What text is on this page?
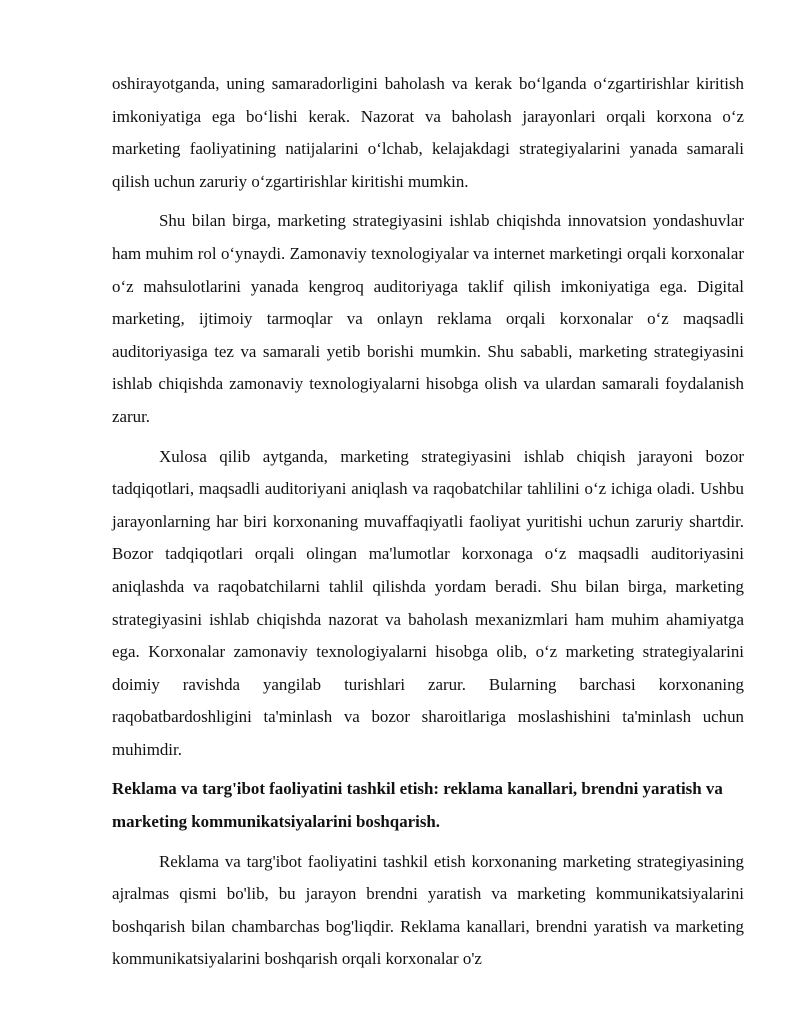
oshirayotganda, uning samaradorligini baholash va kerak bo‘lganda o‘zgartirishlar kiritish imkoniyatiga ega bo‘lishi kerak. Nazorat va baholash jarayonlari orqali korxona o‘z marketing faoliyatining natijalarini o‘lchab, kelajakdagi strategiyalarini yanada samarali qilish uchun zaruriy o‘zgartirishlar kiritishi mumkin.

Shu bilan birga, marketing strategiyasini ishlab chiqishda innovatsion yondashuvlar ham muhim rol o‘ynaydi. Zamonaviy texnologiyalar va internet marketingi orqali korxonalar o‘z mahsulotlarini yanada kengroq auditoriyaga taklif qilish imkoniyatiga ega. Digital marketing, ijtimoiy tarmoqlar va onlayn reklama orqali korxonalar o‘z maqsadli auditoriyasiga tez va samarali yetib borishi mumkin. Shu sababli, marketing strategiyasini ishlab chiqishda zamonaviy texnologiyalarni hisobga olish va ulardan samarali foydalanish zarur.

Xulosa qilib aytganda, marketing strategiyasini ishlab chiqish jarayoni bozor tadqiqotlari, maqsadli auditoriyani aniqlash va raqobatchilar tahlilini o‘z ichiga oladi. Ushbu jarayonlarning har biri korxonaning muvaffaqiyatli faoliyat yuritishi uchun zaruriy shartdir. Bozor tadqiqotlari orqali olingan ma'lumotlar korxonaga o‘z maqsadli auditoriyasini aniqlashda va raqobatchilarni tahlil qilishda yordam beradi. Shu bilan birga, marketing strategiyasini ishlab chiqishda nazorat va baholash mexanizmlari ham muhim ahamiyatga ega. Korxonalar zamonaviy texnologiyalarni hisobga olib, o‘z marketing strategiyalarini doimiy ravishda yangilab turishlari zarur. Bularning barchasi korxonaning raqobatbardoshligini ta'minlash va bozor sharoitlariga moslashishini ta'minlash uchun muhimdir.

Reklama va targ'ibot faoliyatini tashkil etish: reklama kanallari, brendni yaratish va marketing kommunikatsiyalarini boshqarish.

Reklama va targ'ibot faoliyatini tashkil etish korxonaning marketing strategiyasining ajralmas qismi bo'lib, bu jarayon brendni yaratish va marketing kommunikatsiyalarini boshqarish bilan chambarchas bog'liqdir. Reklama kanallari, brendni yaratish va marketing kommunikatsiyalarini boshqarish orqali korxonalar o'z
